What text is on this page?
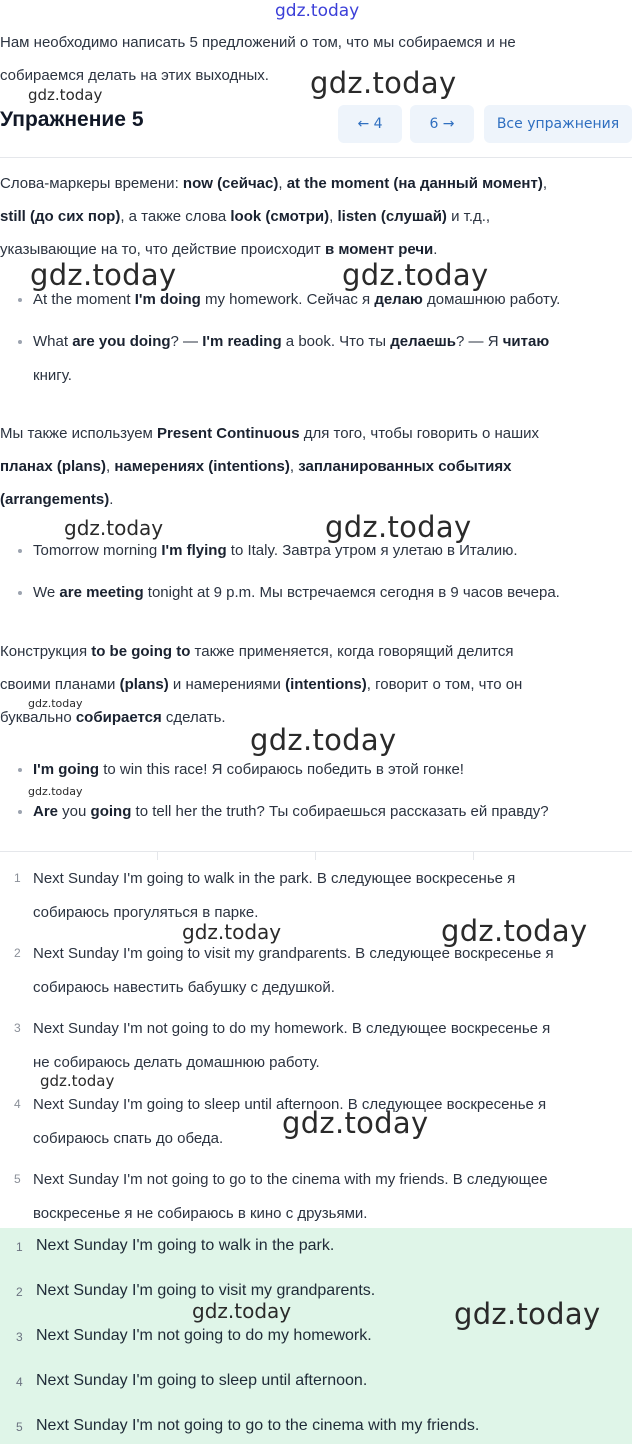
gdz.today
Нам необходимо написать 5 предложений о том, что мы собираемся и не
собираемся делать на этих выходных.	gdz.today
gdz.today
Упражнение 5	← 4	6 →	Все упражнения
Слова-маркеры времени: now (сейчас), at the moment (на данный момент),
still (до сих пор), а также слова look (смотри), listen (слушай) и т.д.,
указывающие на то, что действие происходит в момент речи.
gdz.today	gdz.today
At the moment I'm doing my homework. Сейчас я делаю домашнюю работу.
What are you doing? — I'm reading a book. Что ты делаешь? — Я читаю
книгу.
Мы также используем Present Continuous для того, чтобы говорить о наших
планах (plans), намерениях (intentions), запланированных событиях
(arrangements).
gdz.today	gdz.today
Tomorrow morning I'm flying to Italy. Завтра утром я улетаю в Италию.
We are meeting tonight at 9 p.m. Мы встречаемся сегодня в 9 часов вечера.
Конструкция to be going to также применяется, когда говорящий делится
своими планами (plans) и намерениями (intentions), говорит о том, что он
буквально собирается сделать.
gdz.today
gdz.today
I'm going to win this race! Я собираюсь победить в этой гонке!
gdz.today
Are you going to tell her the truth? Ты собираешься рассказать ей правду?
1 Next Sunday I'm going to walk in the park. В следующее воскресенье я
собираюсь прогуляться в парке.
gdz.today	gdz.today
2 Next Sunday I'm going to visit my grandparents. В следующее воскресенье я
собираюсь навестить бабушку с дедушкой.
3 Next Sunday I'm not going to do my homework. В следующее воскресенье я
не собираюсь делать домашнюю работу.
gdz.today
4 Next Sunday I'm going to sleep until afternoon. В следующее воскресенье я
собираюсь спать до обеда.	gdz.today
5 Next Sunday I'm not going to go to the cinema with my friends. В следующее
воскресенье я не собираюсь в кино с друзьями.
1 Next Sunday I'm going to walk in the park.
2 Next Sunday I'm going to visit my grandparents.
gdz.today	gdz.today
3 Next Sunday I'm not going to do my homework.
4 Next Sunday I'm going to sleep until afternoon.
5 Next Sunday I'm not going to go to the cinema with my friends.
